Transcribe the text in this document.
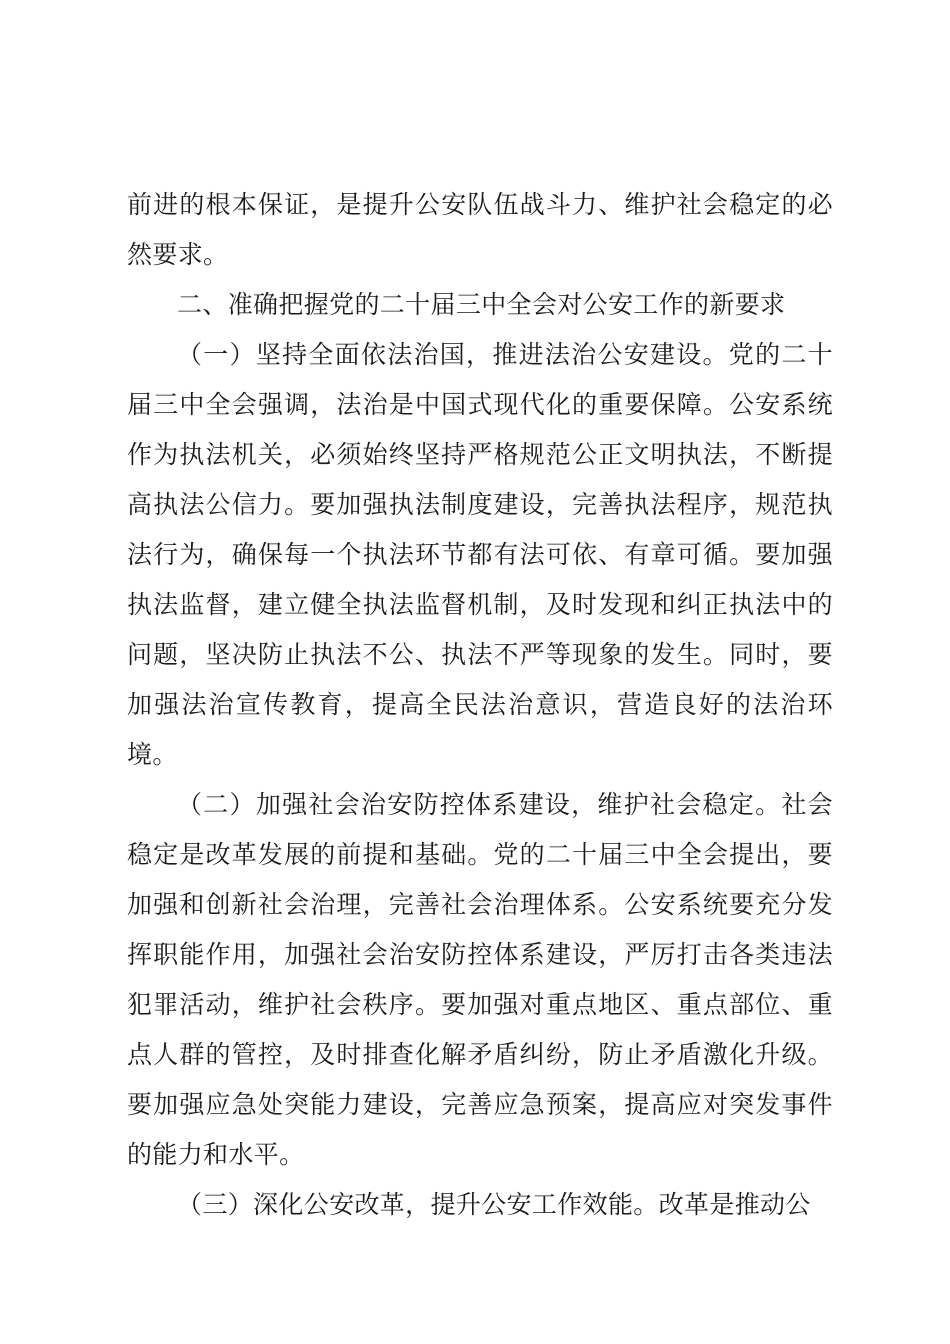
前进的根本保证，是提升公安队伍战斗力、维护社会稳定的必然要求。

二、准确把握党的二十届三中全会对公安工作的新要求

（一）坚持全面依法治国，推进法治公安建设。党的二十届三中全会强调，法治是中国式现代化的重要保障。公安系统作为执法机关，必须始终坚持严格规范公正文明执法，不断提高执法公信力。要加强执法制度建设，完善执法程序，规范执法行为，确保每一个执法环节都有法可依、有章可循。要加强执法监督，建立健全执法监督机制，及时发现和纠正执法中的问题，坚决防止执法不公、执法不严等现象的发生。同时，要加强法治宣传教育，提高全民法治意识，营造良好的法治环境。

（二）加强社会治安防控体系建设，维护社会稳定。社会稳定是改革发展的前提和基础。党的二十届三中全会提出，要加强和创新社会治理，完善社会治理体系。公安系统要充分发挥职能作用，加强社会治安防控体系建设，严厉打击各类违法犯罪活动，维护社会秩序。要加强对重点地区、重点部位、重点人群的管控，及时排查化解矛盾纠纷，防止矛盾激化升级。要加强应急处突能力建设，完善应急预案，提高应对突发事件的能力和水平。

（三）深化公安改革，提升公安工作效能。改革是推动公
